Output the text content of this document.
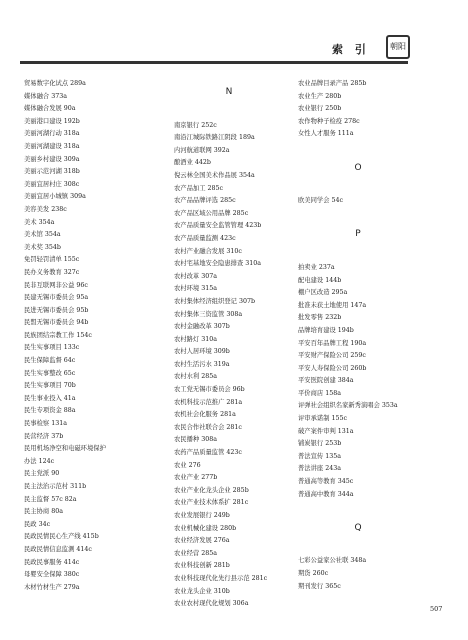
索 引	朝阳
贸易数字化试点 289a
媒体融合 373a
媒体融合发展 90a
美丽港口建设 192b
美丽河湖行动 318a
美丽河湖建设 318a
美丽乡村建设 309a
美丽示范河湖 318b
美丽宜居村庄 308c
美丽宜居小城镇 309a
美容美发 238c
美术 354a
美术馆 354a
美术奖 354b
免罚轻罚清单 155c
民办义务教育 327c
民非互联网非公益 96c
民建无锡市委员会 95a
民进无锡市委员会 95b
民盟无锡市委员会 94b
民族团结宗教工作 154c
民生实事项目 133c
民生保障监督 64c
民生实事整改 65c
民生实事项目 70b
民生事业投入 41a
民生专项资金 88a
民事检察 131a
民营经济 37b
民用机场净空和电磁环境保护
办法 124c
民主党派 90
民主法治示范村 311b
民主监督 57c 82a
民主协商 80a
民政 34c
民政民情民心生产线 415b
民政民情信息监测 414c
民政民事服务 414c
母婴安全保障 380c
木材竹材生产 279a
N
南京银行 252c
南沿江城际铁路江阴段 189a
内河航道联网 392a
酿酒业 442b
倪云林全国美术作品展 354a
农产品加工 285c
农产品品牌评选 285c
农产品区域公用品牌 285c
农产品质量安全监管管理 423b
农产品质量监测 423c
农村产业融合发展 310c
农村宅基地安全隐患排查 310a
农村改革 307a
农村环境 315a
农村集体经济组织登记 307b
农村集体三资监管 308a
农村金融改革 307b
农村路灯 310a
农村人居环境 309b
农村生活污水 319a
农村水利 285a
农工党无锡市委员会 96b
农机科技示范推广 281a
农机社会化服务 281a
农民合作社联合会 281c
农民播种 308a
农药产品质量监管 423c
农业 276
农业产业 277b
农业产业化龙头企业 285b
农业产业技术体系扩 281c
农业发展银行 249b
农业机械化建设 280b
农业经济发展 276a
农业经营 285a
农业科技创新 281b
农业科技现代化先行县示范 281c
农业龙头企业 310b
农业农村现代化规划 306a
农业品牌目录产品 285b
农业生产 280b
农业银行 250b
农作物种子检疫 278c
女性人才服务 111a
O
欧美同学会 54c
P
拍卖业 237a
配电建设 144b
棚户区改造 295a
批准未获土地使用 147a
批发零售 232b
品牌培育建设 194b
平安百年品牌工程 190a
平安财产保险公司 259c
平安人寿保险公司 260b
平安医院创建 384a
平价商店 158a
评弹社会组织名家新秀演唱会 353a
评审承诺制 155c
破产案件审判 131a
铺炭银行 253b
普法宣传 135a
普法讲座 243a
普通高等教育 345c
普通高中教育 344a
Q
七彩公益家公社联 348a
期货 260c
期刊发行 365c
507
